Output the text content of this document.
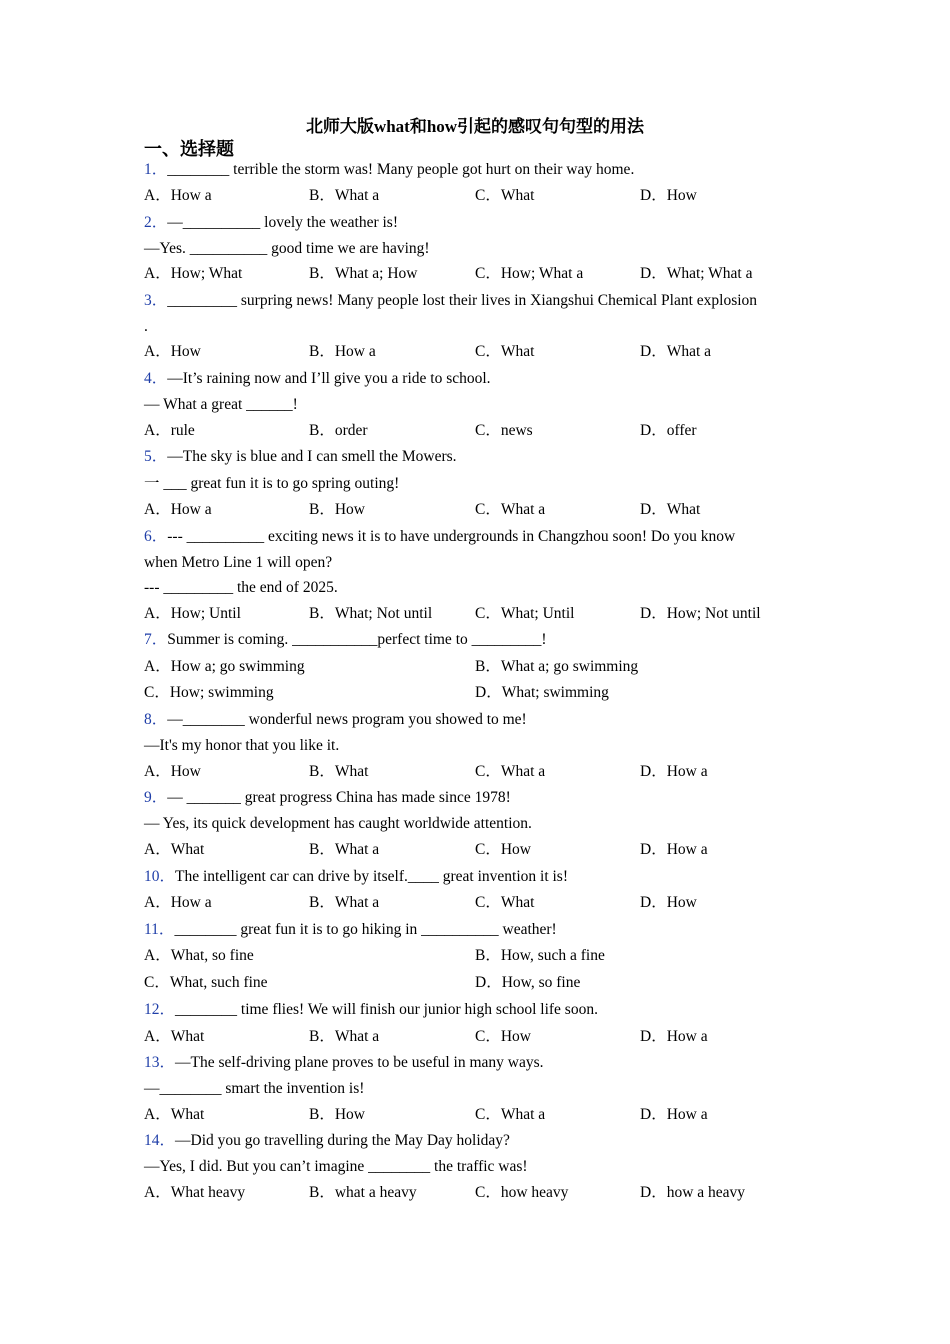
北师大版what和how引起的感叹句句型的用法
一、选择题
1．________ terrible the storm was! Many people got hurt on their way home.
A．How a	B．What a	C．What	D．How
2．—__________ lovely the weather is!
—Yes. __________ good time we are having!
A．How; What	B．What a; How	C．How; What a	D．What; What a
3．_________ surpring news! Many people lost their lives in Xiangshui Chemical Plant explosion
.
A．How	B．How a	C．What	D．What a
4．—It’s raining now and I’ll give you a ride to school.
— What a great ______!
A．rule	B．order	C．news	D．offer
5．—The sky is blue and I can smell the Mowers.
一 ___ great fun it is to go spring outing!
A．How a	B．How	C．What a	D．What
6．--- __________ exciting news it is to have undergrounds in Changzhou soon! Do you know
when Metro Line 1 will open?
--- _________ the end of 2025.
A．How; Until	B．What; Not until	C．What; Until	D．How; Not until
7．Summer is coming. ___________perfect time to _________!
A．How a; go swimming	B．What a; go swimming
C．How; swimming	D．What; swimming
8．—________ wonderful news program you showed to me!
—It's my honor that you like it.
A．How	B．What	C．What a	D．How a
9．— _______ great progress China has made since 1978!
— Yes, its quick development has caught worldwide attention.
A．What	B．What a	C．How	D．How a
10．The intelligent car can drive by itself.____ great invention it is!
A．How a	B．What a	C．What	D．How
11．________ great fun it is to go hiking in __________ weather!
A．What, so fine	B．How, such a fine
C．What, such fine	D．How, so fine
12．________ time flies! We will finish our junior high school life soon.
A．What	B．What a	C．How	D．How a
13．—The self-driving plane proves to be useful in many ways.
—________ smart the invention is!
A．What	B．How	C．What a	D．How a
14．—Did you go travelling during the May Day holiday?
—Yes, I did. But you can’t imagine ________ the traffic was!
A．What heavy	B．what a heavy	C．how heavy	D．how a heavy
